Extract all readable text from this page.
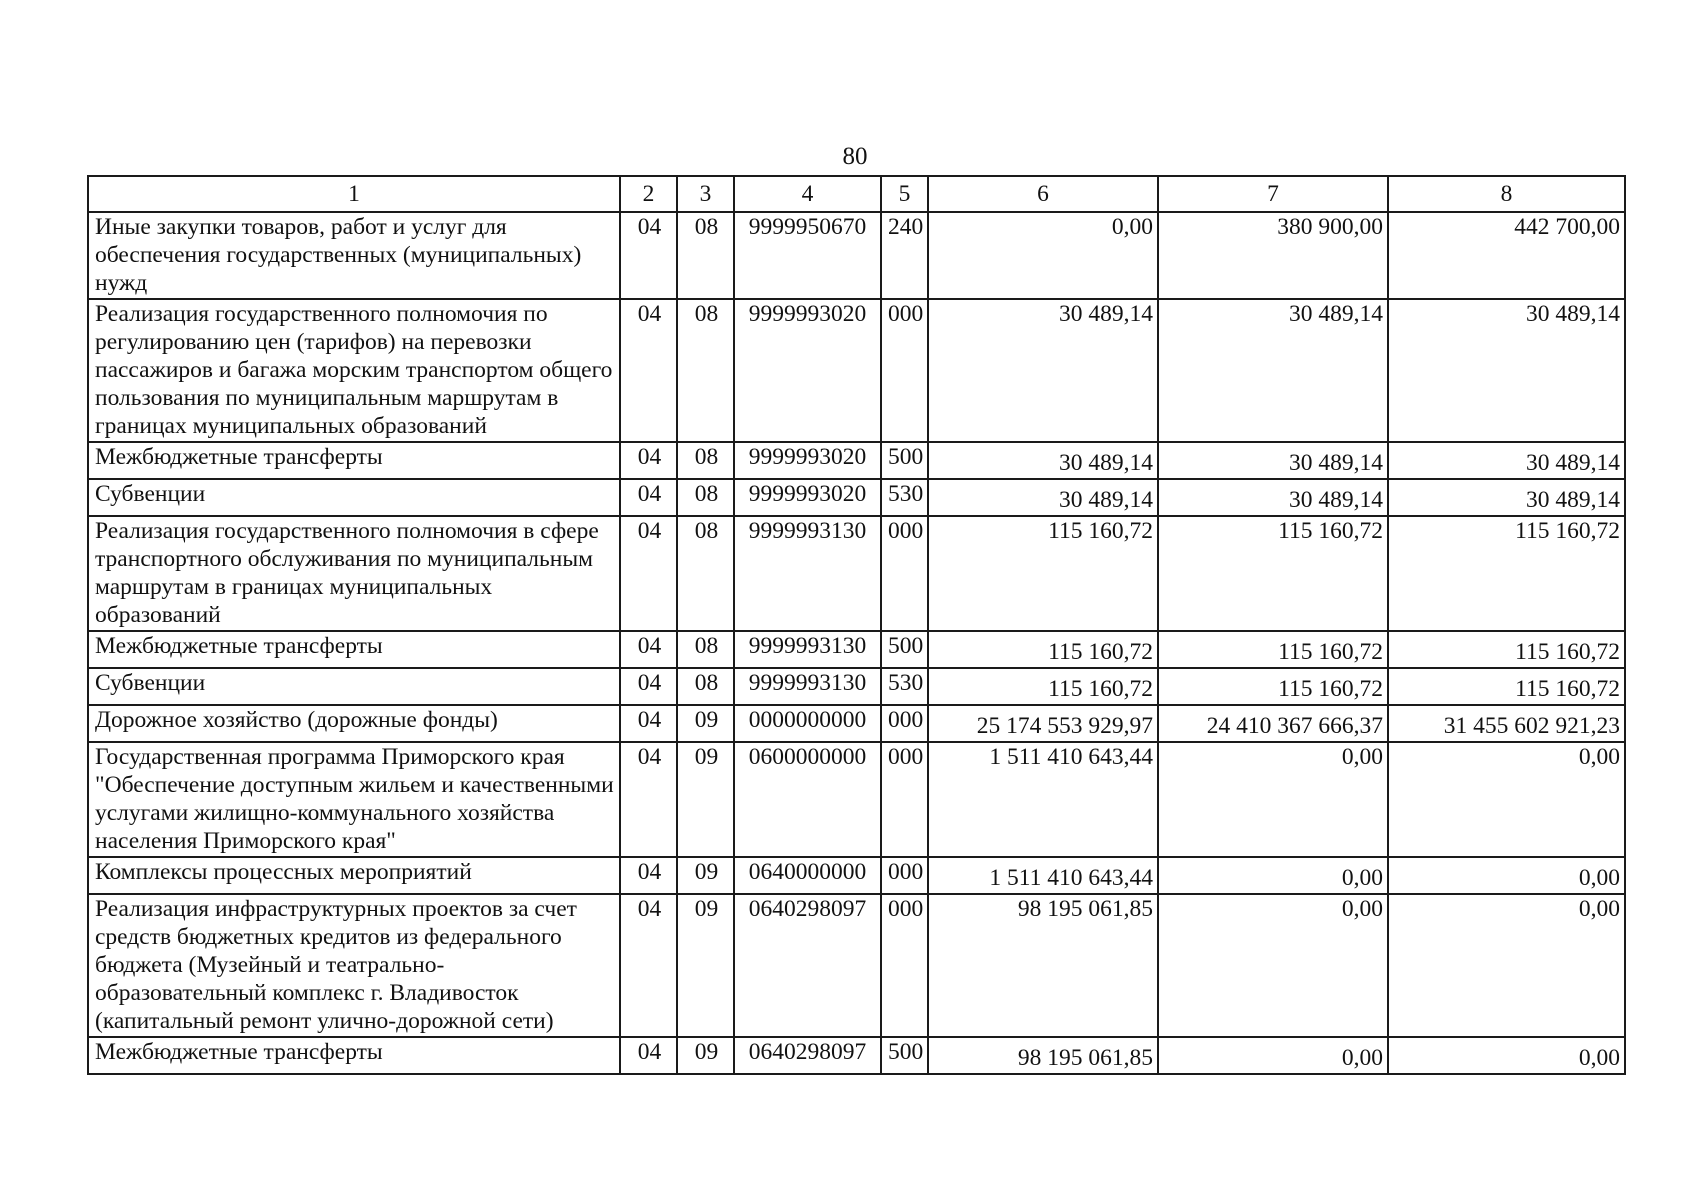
80
1	2	3	4	5	6	7	8
Иные закупки товаров, работ и услуг для обеспечения государственных (муниципальных) нужд	04	08	9999950670	240	0,00	380 900,00	442 700,00
Реализация государственного полномочия по регулированию цен (тарифов) на перевозки пассажиров и багажа морским транспортом общего пользования по муниципальным маршрутам в границах муниципальных образований	04	08	9999993020	000	30 489,14	30 489,14	30 489,14
Межбюджетные трансферты	04	08	9999993020	500	30 489,14	30 489,14	30 489,14
Субвенции	04	08	9999993020	530	30 489,14	30 489,14	30 489,14
Реализация государственного полномочия в сфере транспортного обслуживания по муниципальным маршрутам в границах муниципальных образований	04	08	9999993130	000	115 160,72	115 160,72	115 160,72
Межбюджетные трансферты	04	08	9999993130	500	115 160,72	115 160,72	115 160,72
Субвенции	04	08	9999993130	530	115 160,72	115 160,72	115 160,72
Дорожное хозяйство (дорожные фонды)	04	09	0000000000	000	25 174 553 929,97	24 410 367 666,37	31 455 602 921,23
Государственная программа Приморского края "Обеспечение доступным жильем и качественными услугами жилищно-коммунального хозяйства населения Приморского края"	04	09	0600000000	000	1 511 410 643,44	0,00	0,00
Комплексы процессных мероприятий	04	09	0640000000	000	1 511 410 643,44	0,00	0,00
Реализация инфраструктурных проектов за счет средств бюджетных кредитов из федерального бюджета (Музейный и театрально-образовательный комплекс г. Владивосток (капитальный ремонт улично-дорожной сети)	04	09	0640298097	000	98 195 061,85	0,00	0,00
Межбюджетные трансферты	04	09	0640298097	500	98 195 061,85	0,00	0,00
